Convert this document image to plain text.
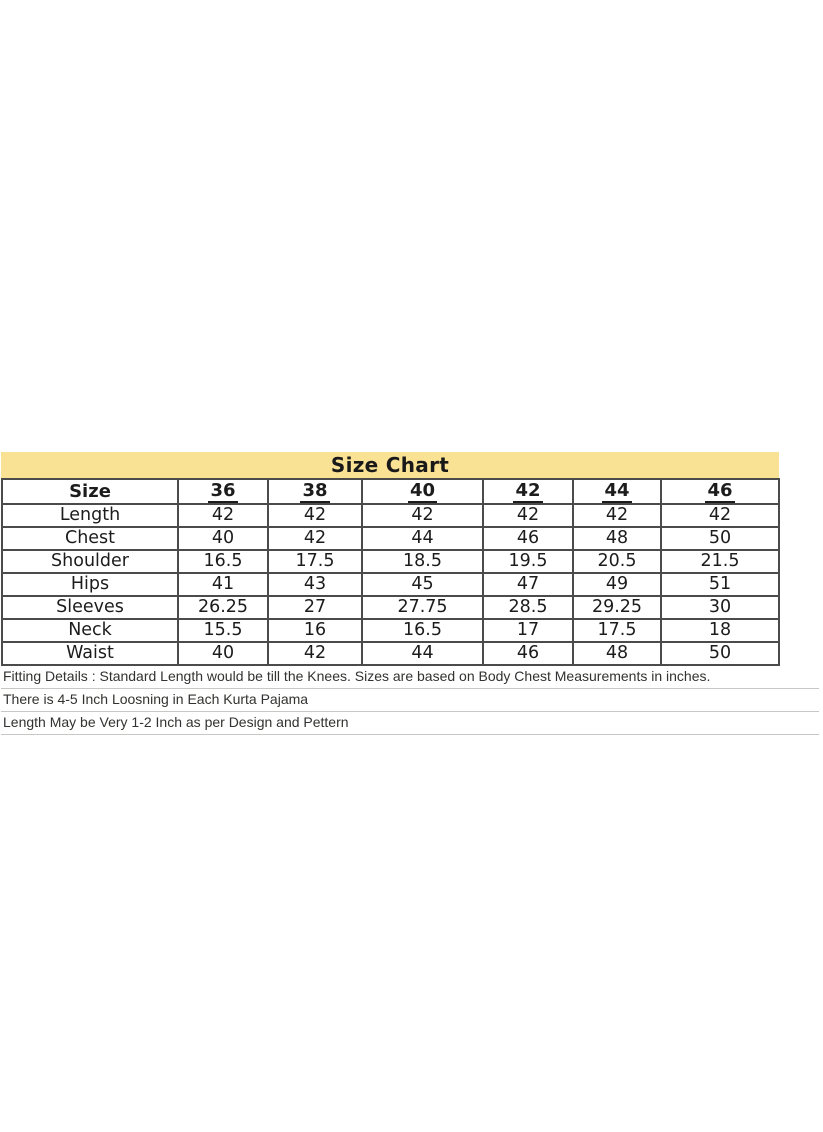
Size Chart
Size	36	38	40	42	44	46
Length	42	42	42	42	42	42
Chest	40	42	44	46	48	50
Shoulder	16.5	17.5	18.5	19.5	20.5	21.5
Hips	41	43	45	47	49	51
Sleeves	26.25	27	27.75	28.5	29.25	30
Neck	15.5	16	16.5	17	17.5	18
Waist	40	42	44	46	48	50
Fitting Details : Standard Length would be till the Knees. Sizes are based on Body Chest Measurements in inches.
There is 4-5 Inch Loosning in Each Kurta Pajama
Length May be Very 1-2 Inch as per Design and Pettern
